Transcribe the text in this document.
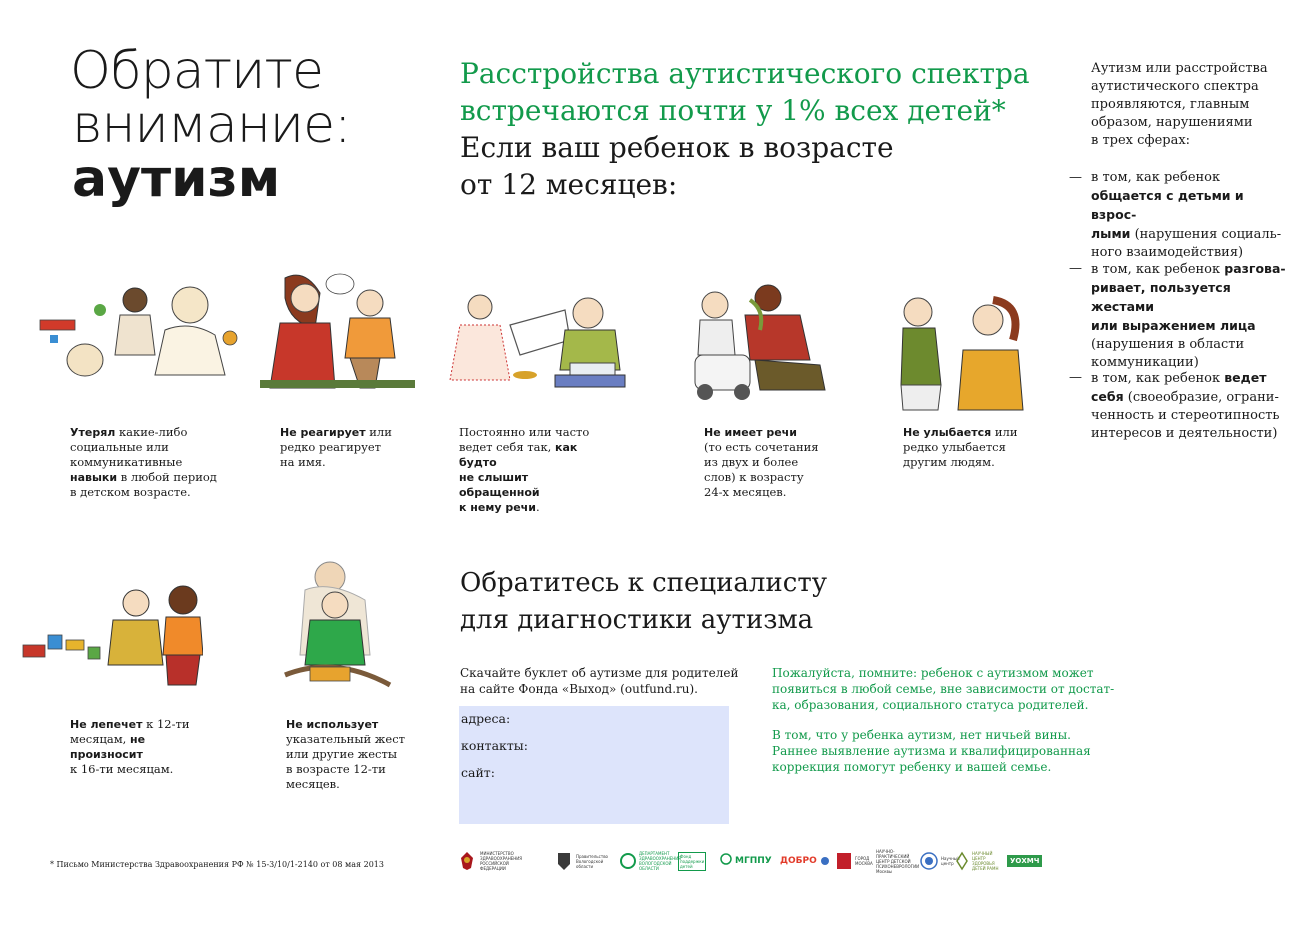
Обратите
внимание:
аутизм
Расстройства аутистического спектра
встречаются почти у 1% всех детей*
Если ваш ребенок в возрасте
от 12 месяцев:
Аутизм или расстройства
аутистического спектра
проявляются, главным
образом, нарушениями
в трех сферах:
— в том, как ребенок
общается с детьми и взрос-
лыми (нарушения социаль-
ного взаимодействия)
— в том, как ребенок разгова-
ривает, пользуется жестами
или выражением лица
(нарушения в области
коммуникации)
— в том, как ребенок ведет
себя (своеобразие, ограни-
ченность и стереотипность
интересов и деятельности)
Утерял какие-либо
социальные или
коммуникативные
навыки в любой период
в детском возрасте.
Не реагирует или
редко реагирует
на имя.
Постоянно или часто
ведет себя так, как будто
не слышит обращенной
к нему речи.
Не имеет речи
(то есть сочетания
из двух и более
слов) к возрасту
24-х месяцев.
Не улыбается или
редко улыбается
другим людям.
Не лепечет к 12-ти
месяцам, не произносит
к 16-ти месяцам.
Не использует
указательный жест
или другие жесты
в возрасте 12-ти
месяцев.
Обратитесь к специалисту
для диагностики аутизма
Скачайте буклет об аутизме для родителей
на сайте Фонда «Выход» (outfund.ru).
адреса:
контакты:
сайт:
Пожалуйста, помните: ребенок с аутизмом может
появиться в любой семье, вне зависимости от достат-
ка, образования, социального статуса родителей.
В том, что у ребенка аутизм, нет ничьей вины.
Раннее выявление аутизма и квалифицированная
коррекция помогут ребенку и вашей семье.
* Письмо Министерства Здравоохранения РФ № 15-3/10/1-2140 от 08 мая 2013
МИНИСТЕРСТВО ЗДРАВООХРАНЕНИЯ РОССИЙСКОЙ ФЕДЕРАЦИИ
Правительство Вологодской области
ДЕПАРТАМЕНТ ЗДРАВООХРАНЕНИЯ ВОЛОГОДСКОЙ ОБЛАСТИ
Фонд поддержки детей	МГППУ ДОБРО	ГОРОД МОСКВА
НАУЧНО-ПРАКТИЧЕСКИЙ ЦЕНТР ДЕТСКОЙ ПСИХОНЕВРОЛОГИИ Москвы
Научный центр
НАУЧНЫЙ ЦЕНТР ЗДОРОВЬЯ ДЕТЕЙ РАМН
УОХМЧ
